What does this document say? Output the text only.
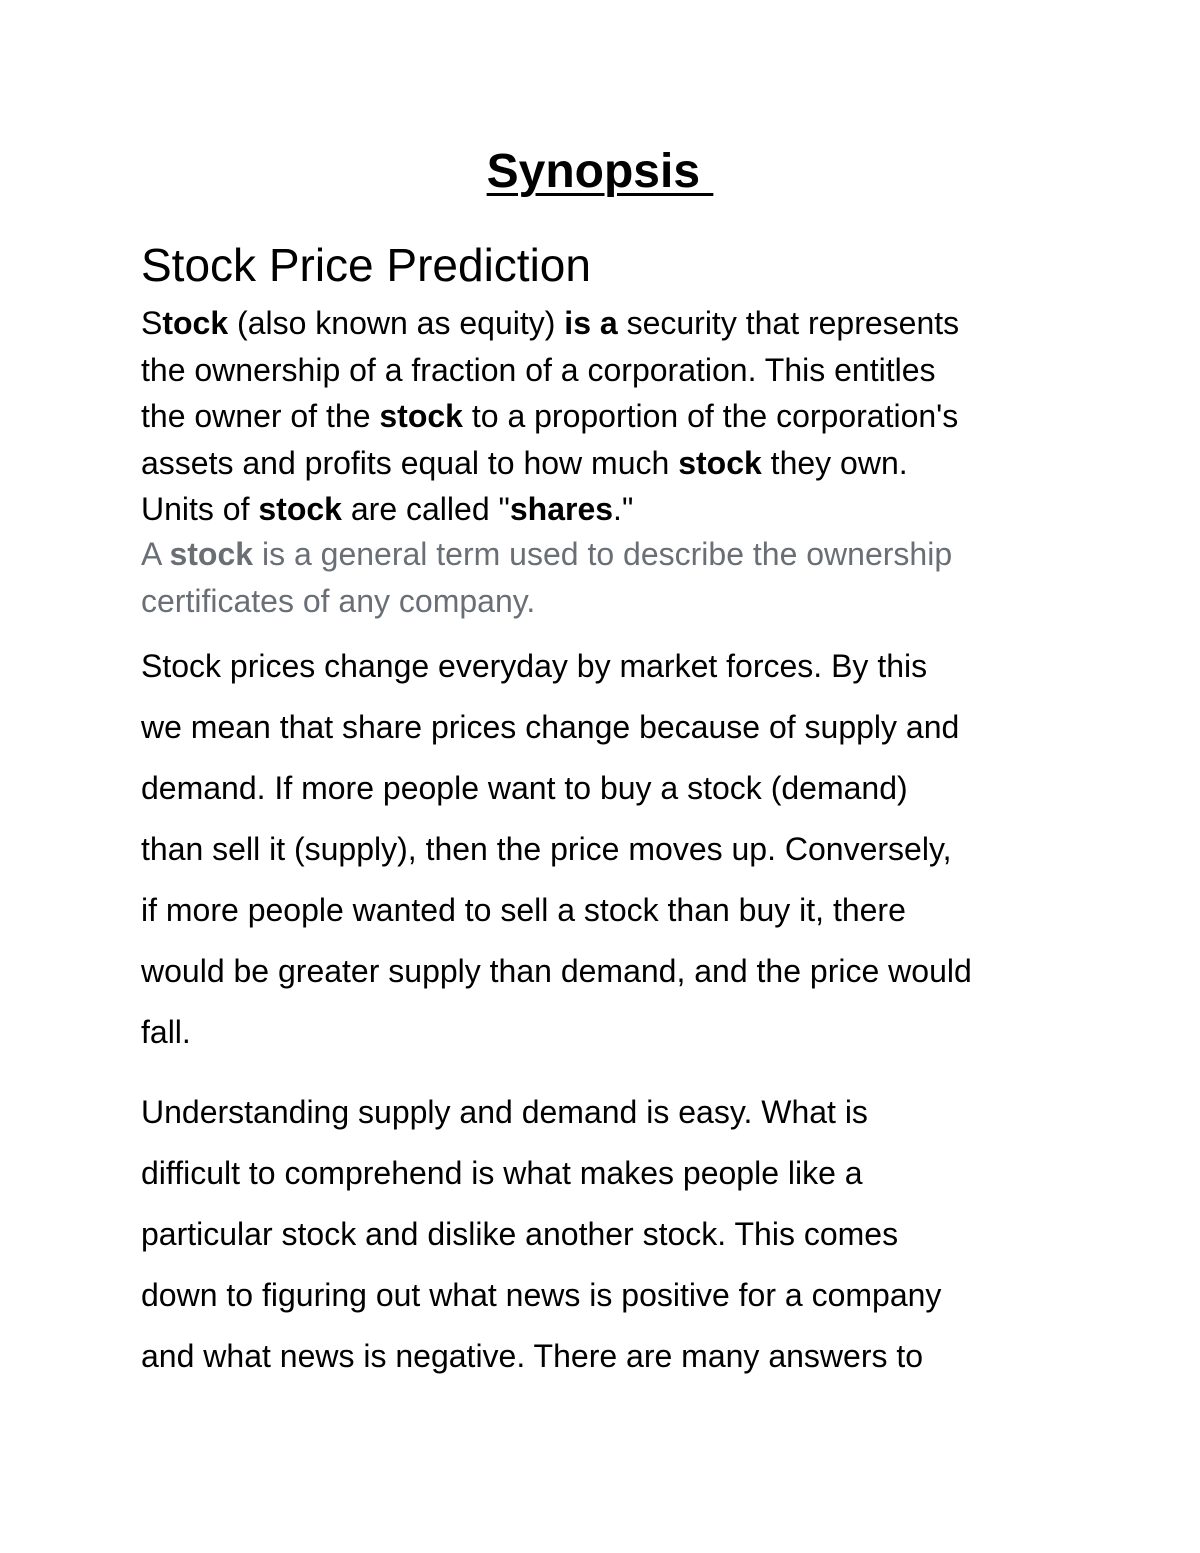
Synopsis
Stock Price Prediction

Stock (also known as equity) is a security that represents
the ownership of a fraction of a corporation. This entitles
the owner of the stock to a proportion of the corporation's
assets and profits equal to how much stock they own.
Units of stock are called "shares."

A stock is a general term used to describe the ownership
certificates of any company.

Stock prices change everyday by market forces. By this
we mean that share prices change because of supply and
demand. If more people want to buy a stock (demand)
than sell it (supply), then the price moves up. Conversely,
if more people wanted to sell a stock than buy it, there
would be greater supply than demand, and the price would
fall.

Understanding supply and demand is easy. What is
difficult to comprehend is what makes people like a
particular stock and dislike another stock. This comes
down to figuring out what news is positive for a company
and what news is negative. There are many answers to
